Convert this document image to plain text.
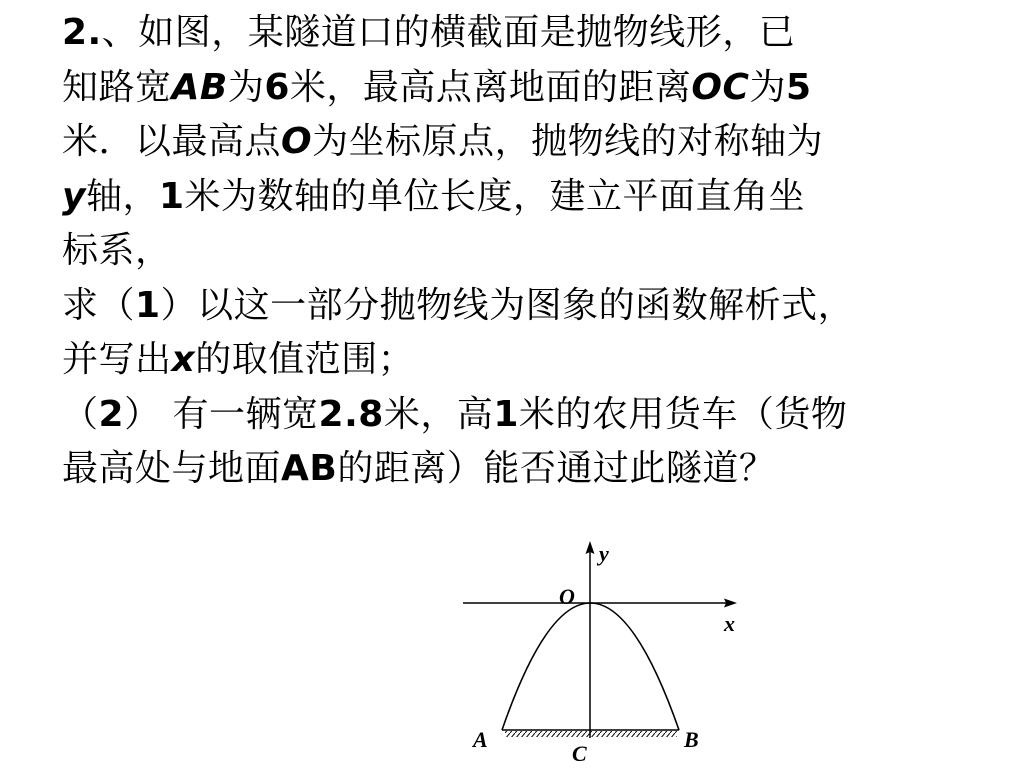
2.、如图，某隧道口的横截面是抛物线形，已
知路宽AB为6米，最高点离地面的距离OC为5
米．以最高点O为坐标原点，抛物线的对称轴为
y轴，1米为数轴的单位长度，建立平面直角坐
标系，
求（1）以这一部分抛物线为图象的函数解析式，
并写出x的取值范围；
（2） 有一辆宽2.8米，高1米的农用货车（货物
最高处与地面AB的距离）能否通过此隧道？
y
x
O
A	B
C
